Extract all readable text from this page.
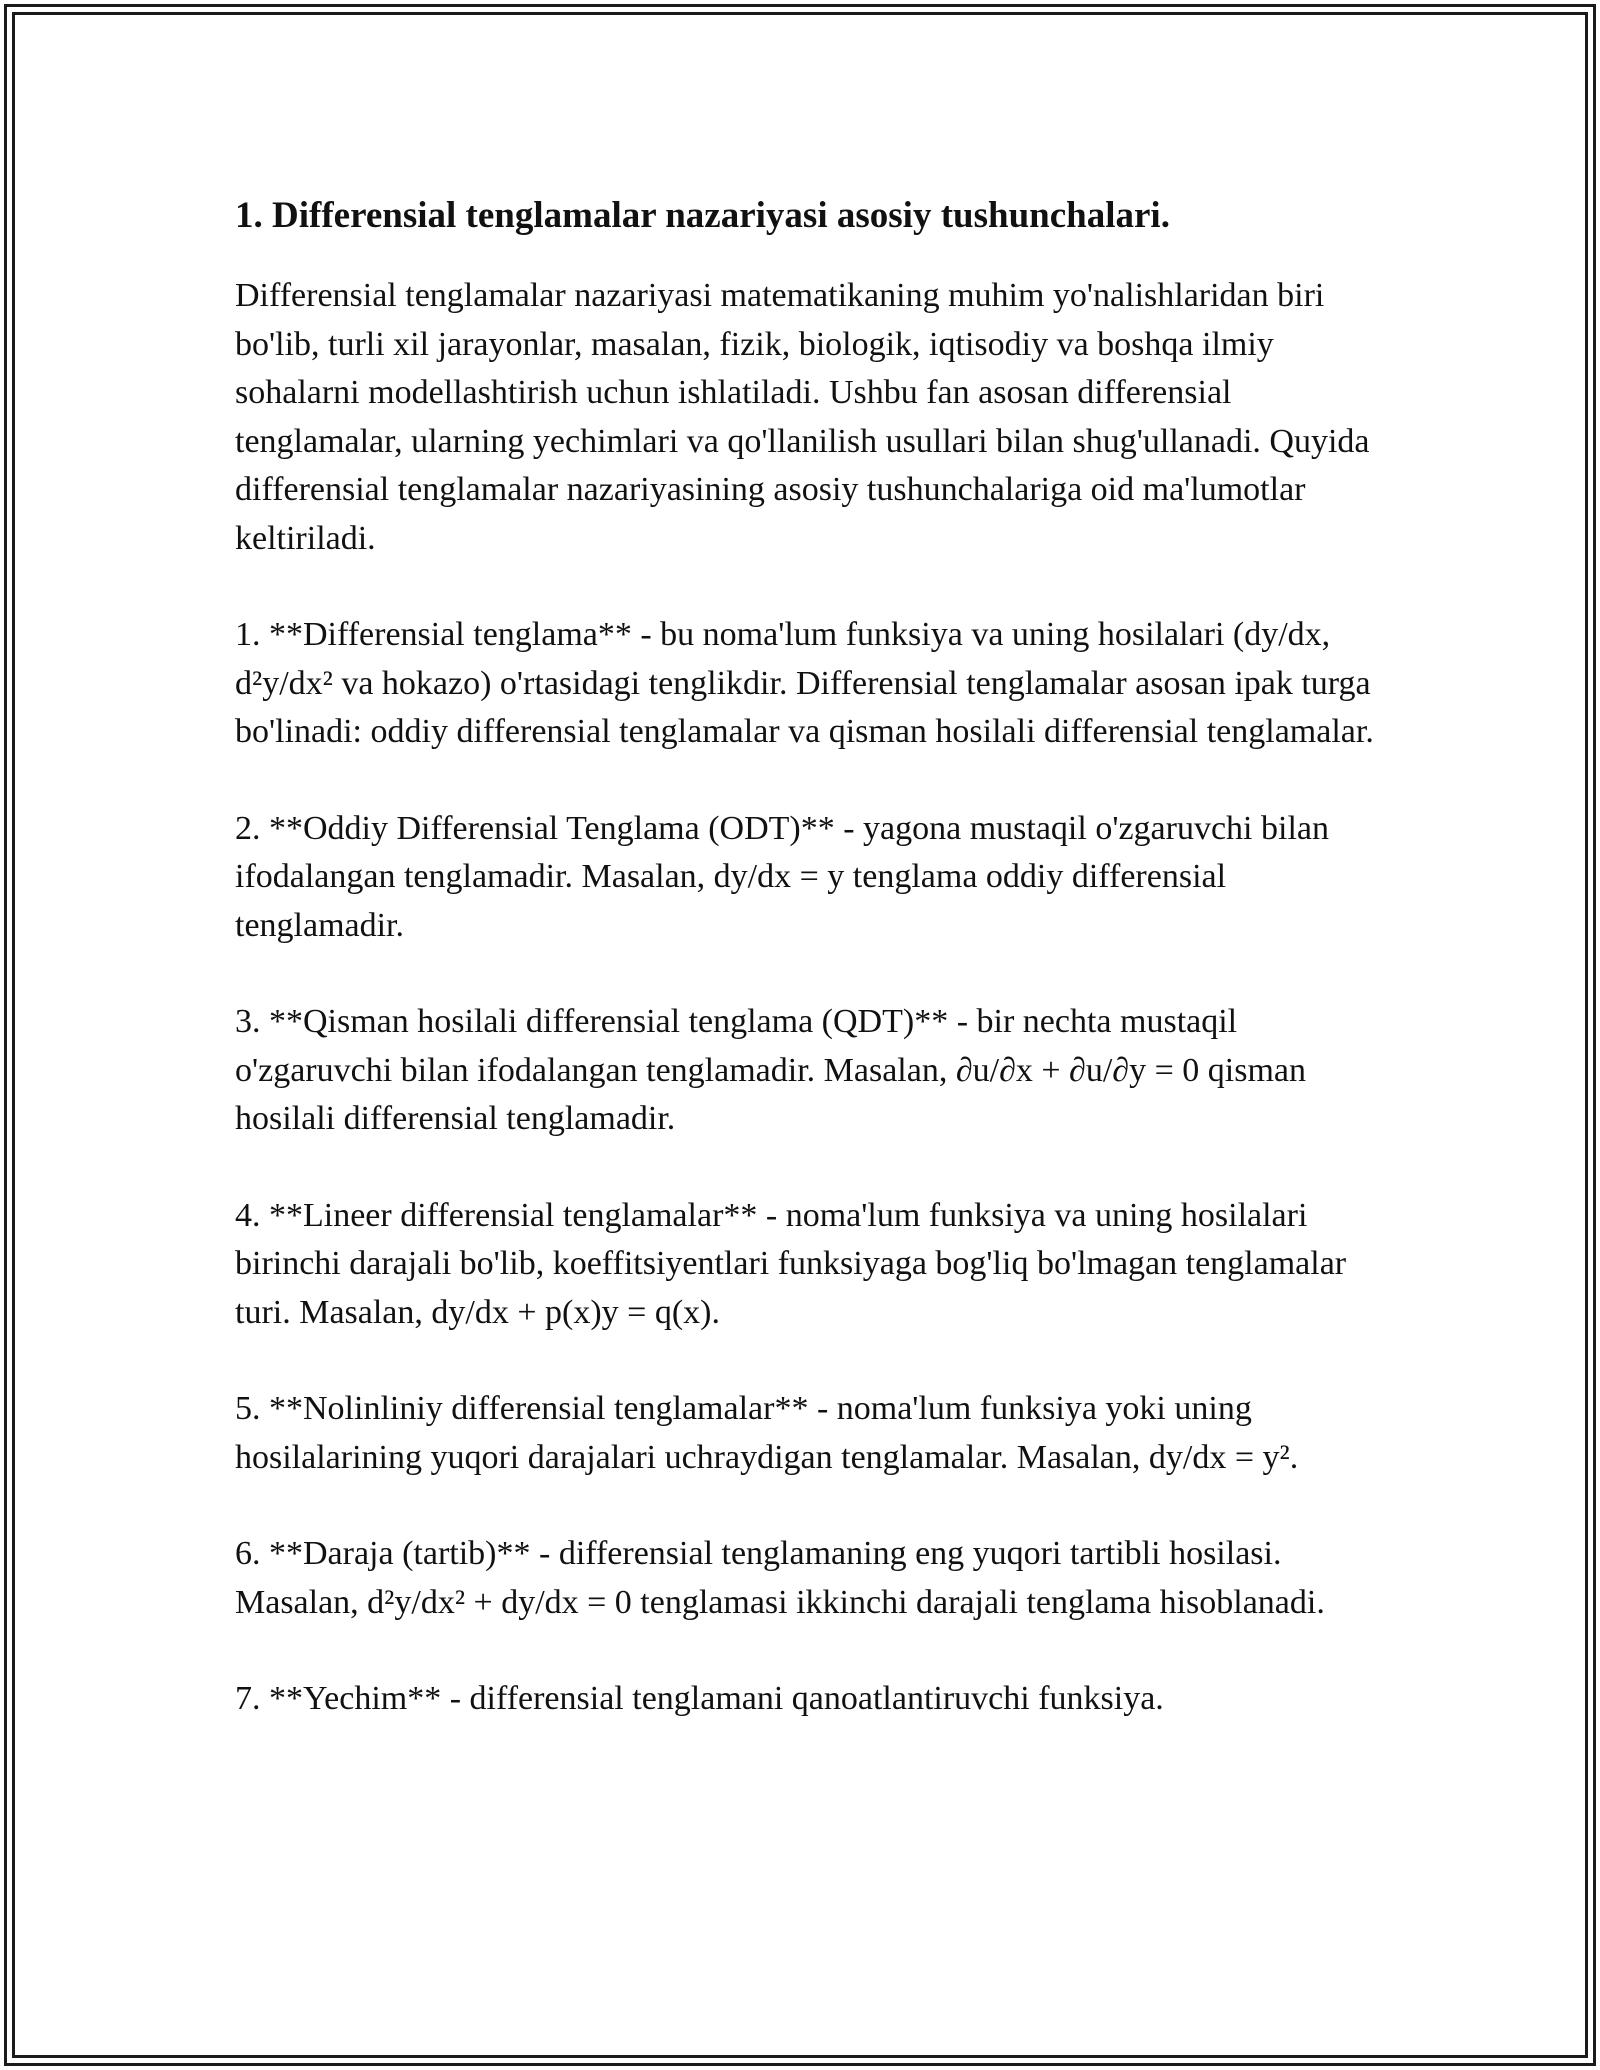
1. Differensial tenglamalar nazariyasi asosiy tushunchalari.

Differensial tenglamalar nazariyasi matematikaning muhim yo'nalishlaridan biri bo'lib, turli xil jarayonlar, masalan, fizik, biologik, iqtisodiy va boshqa ilmiy sohalarni modellashtirish uchun ishlatiladi. Ushbu fan asosan differensial tenglamalar, ularning yechimlari va qo'llanilish usullari bilan shug'ullanadi. Quyida differensial tenglamalar nazariyasining asosiy tushunchalariga oid ma'lumotlar keltiriladi.

1. **Differensial tenglama** - bu noma'lum funksiya va uning hosilalari (dy/dx, d²y/dx² va hokazo) o'rtasidagi tenglikdir. Differensial tenglamalar asosan ipak turga bo'linadi: oddiy differensial tenglamalar va qisman hosilali differensial tenglamalar.

2. **Oddiy Differensial Tenglama (ODT)** - yagona mustaqil o'zgaruvchi bilan ifodalangan tenglamadir. Masalan, dy/dx = y tenglama oddiy differensial tenglamadir.

3. **Qisman hosilali differensial tenglama (QDT)** - bir nechta mustaqil o'zgaruvchi bilan ifodalangan tenglamadir. Masalan, ∂u/∂x + ∂u/∂y = 0 qisman hosilali differensial tenglamadir.

4. **Lineer differensial tenglamalar** - noma'lum funksiya va uning hosilalari birinchi darajali bo'lib, koeffitsiyentlari funksiyaga bog'liq bo'lmagan tenglamalar turi. Masalan, dy/dx + p(x)y = q(x).

5. **Nolinliniy differensial tenglamalar** - noma'lum funksiya yoki uning hosilalarining yuqori darajalari uchraydigan tenglamalar. Masalan, dy/dx = y².

6. **Daraja (tartib)** - differensial tenglamaning eng yuqori tartibli hosilasi. Masalan, d²y/dx² + dy/dx = 0 tenglamasi ikkinchi darajali tenglama hisoblanadi.

7. **Yechim** - differensial tenglamani qanoatlantiruvchi funksiya.
